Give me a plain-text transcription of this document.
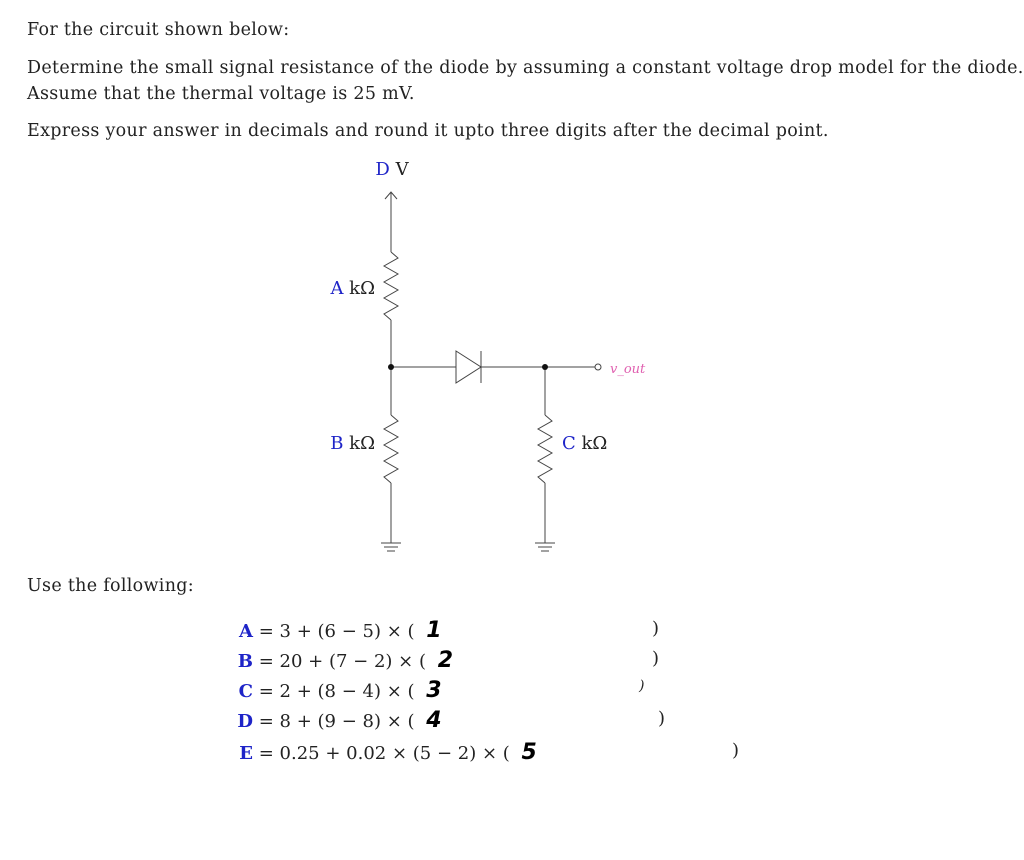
For the circuit shown below:
Determine the small signal resistance of the diode by assuming a constant voltage drop model for the diode.
Assume that the thermal voltage is 25 mV.
Express your answer in decimals and round it upto three digits after the decimal point.
D V
A kΩ
B kΩ	C kΩ
v_out
Use the following:
A = 3 + (6 − 5) × ( 1	)
B = 20 + (7 − 2) × ( 2	)
C = 2 + (8 − 4) × ( 3	)
D = 8 + (9 − 8) × ( 4	)
E = 0.25 + 0.02 × (5 − 2) × ( 5	)
